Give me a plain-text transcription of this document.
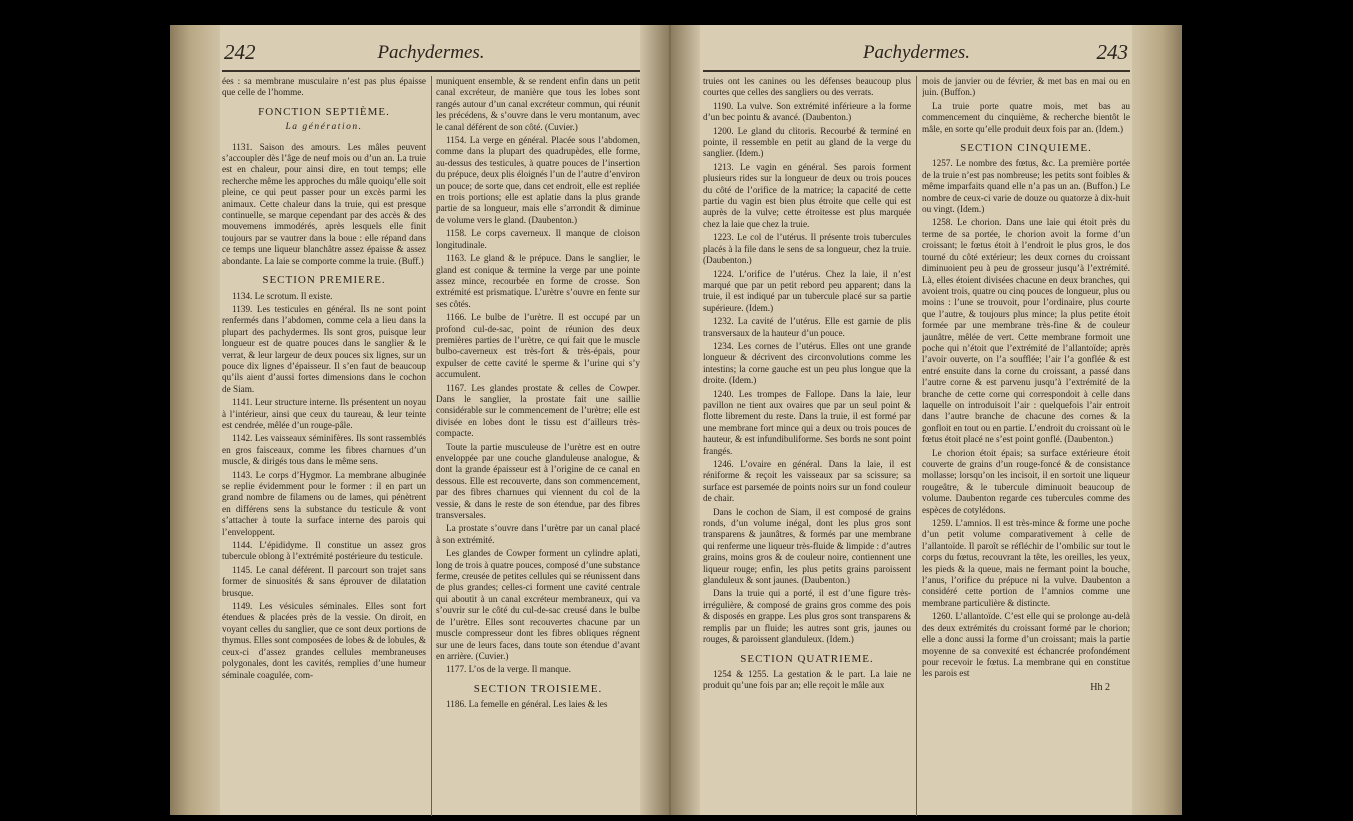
242	Pachydermes.

ées : sa membrane musculaire n’est pas plus épaisse que celle de l’homme.

FONCTION SEPTIÈME.
La génération.

1131. Saison des amours. Les mâles peuvent s’accoupler dès l’âge de neuf mois ou d’un an. La truie est en chaleur, pour ainsi dire, en tout temps; elle recherche même les approches du mâle quoiqu’elle soit pleine, ce qui peut passer pour un excès parmi les animaux. Cette chaleur dans la truie, qui est presque continuelle, se marque cependant par des accès & des mouvemens immodérés, après lesquels elle finit toujours par se vautrer dans la boue : elle répand dans ce temps une liqueur blanchâtre assez épaisse & assez abondante. La laie se comporte comme la truie. (Buff.)

SECTION PREMIERE.

1134. Le scrotum. Il existe.

1139. Les testicules en général. Ils ne sont point renfermés dans l’abdomen, comme cela a lieu dans la plupart des pachydermes. Ils sont gros, puisque leur longueur est de quatre pouces dans le sanglier & le verrat, & leur largeur de deux pouces six lignes, sur un pouce dix lignes d’épaisseur. Il s’en faut de beaucoup qu’ils aient d’aussi fortes dimensions dans le cochon de Siam.

1141. Leur structure interne. Ils présentent un noyau à l’intérieur, ainsi que ceux du taureau, & leur teinte est cendrée, mêlée d’un rouge-pâle.

1142. Les vaisseaux séminifères. Ils sont rassemblés en gros faisceaux, comme les fibres charnues d’un muscle, & dirigés tous dans le même sens.

1143. Le corps d’Hygmor. La membrane albuginée se replie évidemment pour le former : il en part un grand nombre de filamens ou de lames, qui pénètrent en différens sens la substance du testicule & vont s’attacher à toute la surface interne des parois qui l’enveloppent.

1144. L’épididyme. Il constitue un assez gros tubercule oblong à l’extrémité postérieure du testicule.

1145. Le canal déférent. Il parcourt son trajet sans former de sinuosités & sans éprouver de dilatation brusque.

1149. Les vésicules séminales. Elles sont fort étendues & placées près de la vessie. On diroit, en voyant celles du sanglier, que ce sont deux portions de thymus. Elles sont composées de lobes & de lobules, & ceux-ci d’assez grandes cellules membraneuses polygonales, dont les cavités, remplies d’une humeur séminale coagulée, com-

muniquent ensemble, & se rendent enfin dans un petit canal excréteur, de manière que tous les lobes sont rangés autour d’un canal excréteur commun, qui réunit les précédens, & s’ouvre dans le veru montanum, avec le canal déférent de son côté. (Cuvier.)

1154. La verge en général. Placée sous l’abdomen, comme dans la plupart des quadrupèdes, elle forme, au-dessus des testicules, à quatre pouces de l’insertion du prépuce, deux plis éloignés l’un de l’autre d’environ un pouce; de sorte que, dans cet endroit, elle est repliée en trois portions; elle est aplatie dans la plus grande partie de sa longueur, mais elle s’arrondit & diminue de volume vers le gland. (Daubenton.)

1158. Le corps caverneux. Il manque de cloison longitudinale.

1163. Le gland & le prépuce. Dans le sanglier, le gland est conique & termine la verge par une pointe assez mince, recourbée en forme de crosse. Son extrémité est prismatique. L’urètre s’ouvre en fente sur ses côtés.

1166. Le bulbe de l’urètre. Il est occupé par un profond cul-de-sac, point de réunion des deux premières parties de l’urètre, ce qui fait que le muscle bulbo-caverneux est très-fort & très-épais, pour expulser de cette cavité le sperme & l’urine qui s’y accumulent.

1167. Les glandes prostate & celles de Cowper. Dans le sanglier, la prostate fait une saillie considérable sur le commencement de l’urètre; elle est divisée en lobes dont le tissu est d’ailleurs très-compacte.

Toute la partie musculeuse de l’urètre est en outre enveloppée par une couche glanduleuse analogue, & dont la grande épaisseur est à l’origine de ce canal en dessous. Elle est recouverte, dans son commencement, par des fibres charnues qui viennent du col de la vessie, & dans le reste de son étendue, par des fibres transversales.

La prostate s’ouvre dans l’urètre par un canal placé à son extrémité.

Les glandes de Cowper forment un cylindre aplati, long de trois à quatre pouces, composé d’une substance ferme, creusée de petites cellules qui se réunissent dans de plus grandes; celles-ci forment une cavité centrale qui aboutit à un canal excréteur membraneux, qui va s’ouvrir sur le côté du cul-de-sac creusé dans le bulbe de l’urètre. Elles sont recouvertes chacune par un muscle compresseur dont les fibres obliques régnent sur une de leurs faces, dans toute son étendue d’avant en arrière. (Cuvier.)

1177. L’os de la verge. Il manque.

SECTION TROISIEME.

1186. La femelle en général. Les laies & les

Pachydermes.	243

truies ont les canines ou les défenses beaucoup plus courtes que celles des sangliers ou des verrats.

1190. La vulve. Son extrémité inférieure a la forme d’un bec pointu & avancé. (Daubenton.)

1200. Le gland du clitoris. Recourbé & terminé en pointe, il ressemble en petit au gland de la verge du sanglier. (Idem.)

1213. Le vagin en général. Ses parois forment plusieurs rides sur la longueur de deux ou trois pouces du côté de l’orifice de la matrice; la capacité de cette partie du vagin est bien plus étroite que celle qui est auprès de la vulve; cette étroitesse est plus marquée chez la laie que chez la truie.

1223. Le col de l’utérus. Il présente trois tubercules placés à la file dans le sens de sa longueur, chez la truie. (Daubenton.)

1224. L’orifice de l’utérus. Chez la laie, il n’est marqué que par un petit rebord peu apparent; dans la truie, il est indiqué par un tubercule placé sur sa partie supérieure. (Idem.)

1232. La cavité de l’utérus. Elle est garnie de plis transversaux de la hauteur d’un pouce.

1234. Les cornes de l’utérus. Elles ont une grande longueur & décrivent des circonvolutions comme les intestins; la corne gauche est un peu plus longue que la droite. (Idem.)

1240. Les trompes de Fallope. Dans la laie, leur pavillon ne tient aux ovaires que par un seul point & flotte librement du reste. Dans la truie, il est formé par une membrane fort mince qui a deux ou trois pouces de hauteur, & est infundibuliforme. Ses bords ne sont point frangés.

1246. L’ovaire en général. Dans la laie, il est réniforme & reçoit les vaisseaux par sa scissure; sa surface est parsemée de points noirs sur un fond couleur de chair.

Dans le cochon de Siam, il est composé de grains ronds, d’un volume inégal, dont les plus gros sont transparens & jaunâtres, & formés par une membrane qui renferme une liqueur très-fluide & limpide : d’autres grains, moins gros & de couleur noire, contiennent une liqueur rouge; enfin, les plus petits grains paroissent glanduleux & sont jaunes. (Daubenton.)

Dans la truie qui a porté, il est d’une figure très-irrégulière, & composé de grains gros comme des pois & disposés en grappe. Les plus gros sont transparens & remplis par un fluide; les autres sont gris, jaunes ou rouges, & paroissent glanduleux. (Idem.)

SECTION QUATRIEME.

1254 & 1255. La gestation & le part. La laie ne produit qu’une fois par an; elle reçoit le mâle aux

mois de janvier ou de février, & met bas en mai ou en juin. (Buffon.)

La truie porte quatre mois, met bas au commencement du cinquième, & recherche bientôt le mâle, en sorte qu’elle produit deux fois par an. (Idem.)

SECTION CINQUIEME.

1257. Le nombre des fœtus, &c. La première portée de la truie n’est pas nombreuse; les petits sont foibles & même imparfaits quand elle n’a pas un an. (Buffon.) Le nombre de ceux-ci varie de douze ou quatorze à dix-huit ou vingt. (Idem.)

1258. Le chorion. Dans une laie qui étoit près du terme de sa portée, le chorion avoit la forme d’un croissant; le fœtus étoit à l’endroit le plus gros, le dos tourné du côté extérieur; les deux cornes du croissant diminuoient peu à peu de grosseur jusqu’à l’extrémité. Là, elles étoient divisées chacune en deux branches, qui avoient trois, quatre ou cinq pouces de longueur, plus ou moins : l’une se trouvoit, pour l’ordinaire, plus courte que l’autre, & toujours plus mince; la plus petite étoit formée par une membrane très-fine & de couleur jaunâtre, mêlée de vert. Cette membrane formoit une poche qui n’étoit que l’extrémité de l’allantoïde; après l’avoir ouverte, on l’a soufflée; l’air l’a gonflée & est entré ensuite dans la corne du croissant, a passé dans l’autre corne & est parvenu jusqu’à l’extrémité de la branche de cette corne qui correspondoit à celle dans laquelle on introduisoit l’air : quelquefois l’air entroit dans l’autre branche de chacune des cornes & la gonfloit en tout ou en partie. L’endroit du croissant où le fœtus étoit placé ne s’est point gonflé. (Daubenton.)

Le chorion étoit épais; sa surface extérieure étoit couverte de grains d’un rouge-foncé & de consistance mollasse; lorsqu’on les incisoit, il en sortoit une liqueur rougeâtre, & le tubercule diminuoit beaucoup de volume. Daubenton regarde ces tubercules comme des espèces de cotylédons.

1259. L’amnios. Il est très-mince & forme une poche d’un petit volume comparativement à celle de l’allantoïde. Il paroît se réfléchir de l’ombilic sur tout le corps du fœtus, recouvrant la tête, les oreilles, les yeux, les pieds & la queue, mais ne fermant point la bouche, l’anus, l’orifice du prépuce ni la vulve. Daubenton a considéré cette portion de l’amnios comme une membrane particulière & distincte.

1260. L’allantoïde. C’est elle qui se prolonge au-delà des deux extrémités du croissant formé par le chorion; elle a donc aussi la forme d’un croissant; mais la partie moyenne de sa convexité est échancrée profondément pour recevoir le fœtus. La membrane qui en constitue les parois est

Hh 2
